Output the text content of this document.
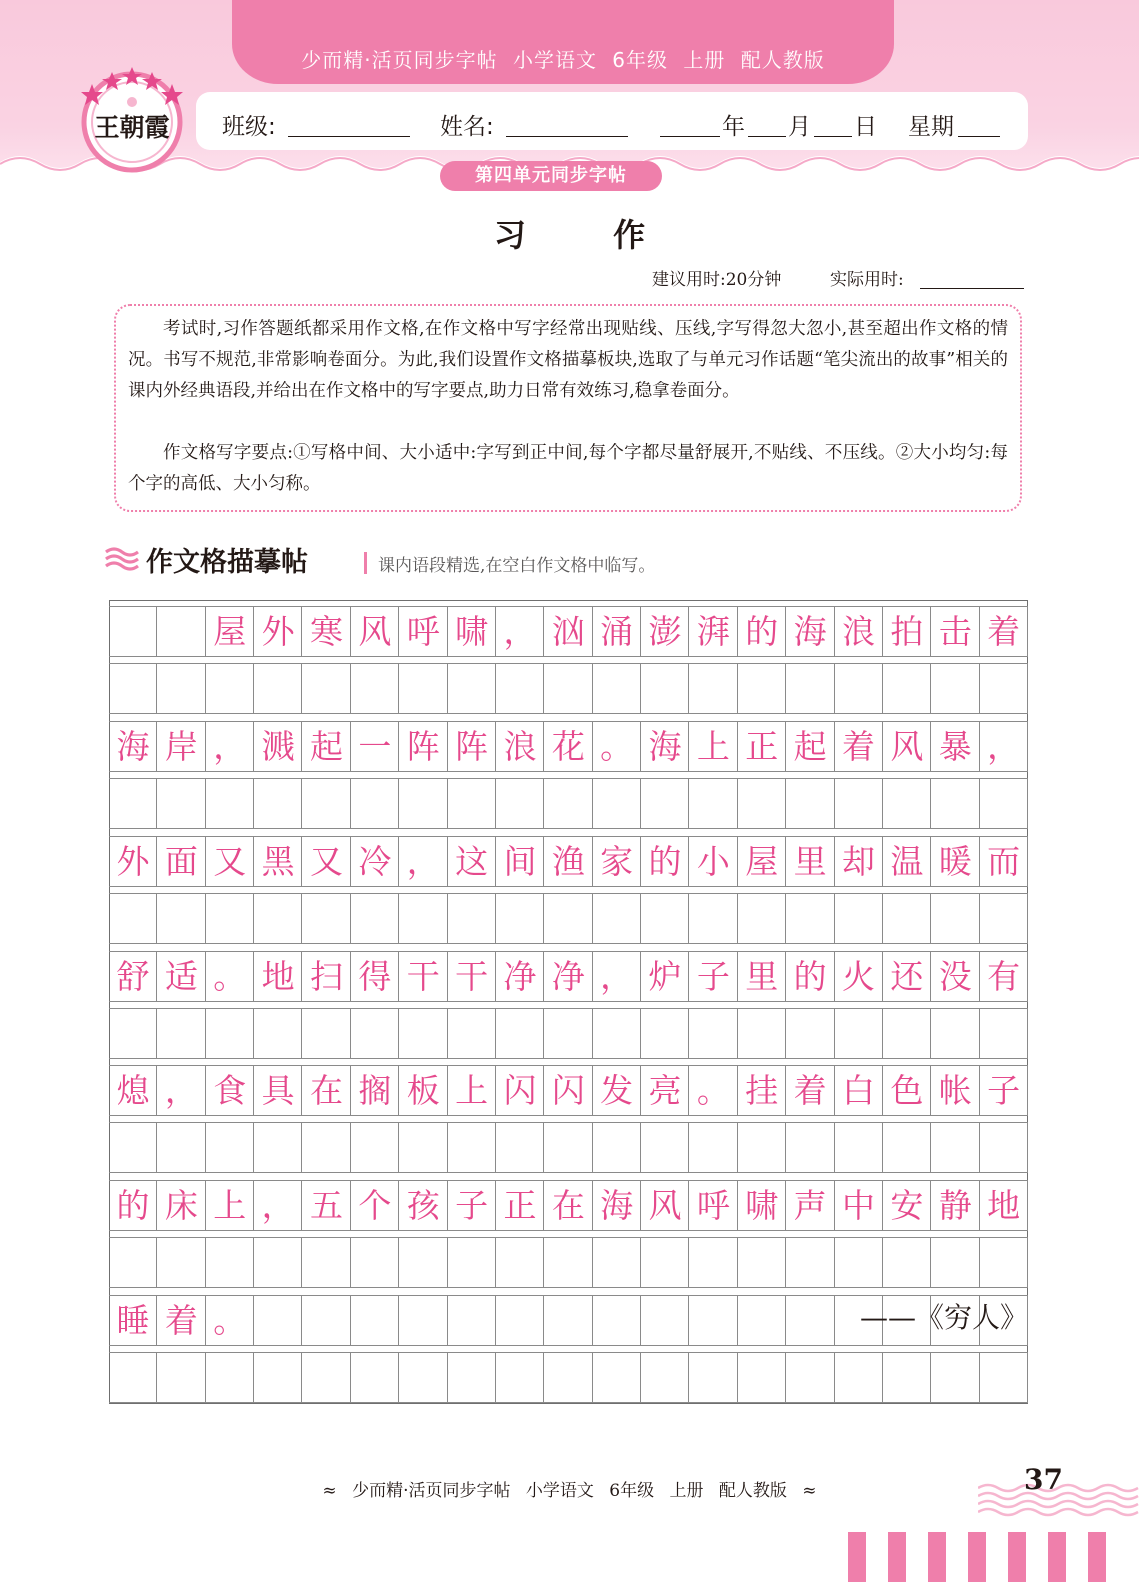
少而精·活页同步字帖 小学语文 6年级 上册 配人教版
班级:	姓名:	年 月 日 星期
第四单元同步字帖
王朝霞
习 作
建议用时:20分钟	实际用时:

考试时,习作答题纸都采用作文格,在作文格中写字经常出现贴线、压线,字写得忽大忽小,甚至超出作文格的情况。书写不规范,非常影响卷面分。为此,我们设置作文格描摹板块,选取了与单元习作话题“笔尖流出的故事”相关的课内外经典语段,并给出在作文格中的写字要点,助力日常有效练习,稳拿卷面分。

作文格写字要点:①写格中间、大小适中:字写到正中间,每个字都尽量舒展开,不贴线、不压线。②大小均匀:每个字的高低、大小匀称。

作文格描摹帖	课内语段精选,在空白作文格中临写。
屋 外 寒 风 呼 啸 ， 汹 涌 澎 湃 的 海 浪 拍 击 着
海 岸 ， 溅 起 一 阵 阵 浪 花 。 海 上 正 起 着 风 暴 ，
外 面 又 黑 又 冷 ， 这 间 渔 家 的 小 屋 里 却 温 暖 而
舒 适 。 地 扫 得 干 干 净 净 ， 炉 子 里 的 火 还 没 有
熄 ， 食 具 在 搁 板 上 闪 闪 发 亮 。 挂 着 白 色 帐 子
的 床 上 ， 五 个 孩 子 正 在 海 风 呼 啸 声 中 安 静 地
睡 着 。	——《穷人》
≈ 少而精·活页同步字帖 小学语文 6年级 上册 配人教版 ≈	37
